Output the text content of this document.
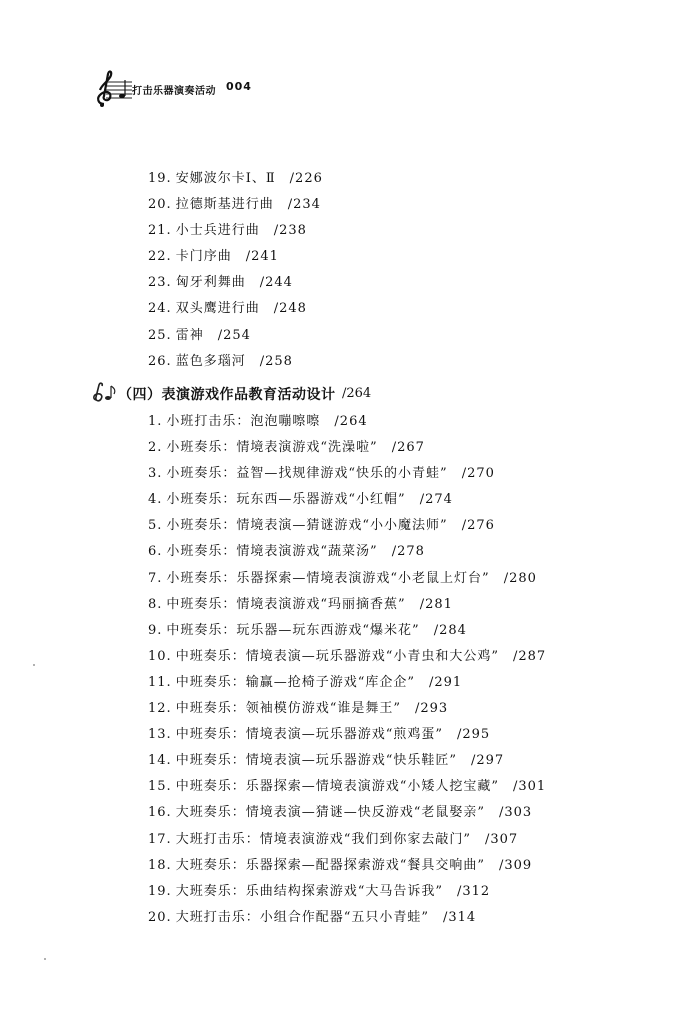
打击乐器演奏活动 004
19. 安娜波尔卡Ⅰ、Ⅱ /226
20. 拉德斯基进行曲 /234
21. 小士兵进行曲 /238
22. 卡门序曲 /241
23. 匈牙利舞曲 /244
24. 双头鹰进行曲 /248
25. 雷神 /254
26. 蓝色多瑙河 /258
（四）表演游戏作品教育活动设计 /264
1. 小班打击乐：泡泡嘣嚓嚓 /264
2. 小班奏乐：情境表演游戏“洗澡啦” /267
3. 小班奏乐：益智—找规律游戏“快乐的小青蛙” /270
4. 小班奏乐：玩东西—乐器游戏“小红帽” /274
5. 小班奏乐：情境表演—猜谜游戏“小小魔法师” /276
6. 小班奏乐：情境表演游戏“蔬菜汤” /278
7. 小班奏乐：乐器探索—情境表演游戏“小老鼠上灯台” /280
8. 中班奏乐：情境表演游戏“玛丽摘香蕉” /281
9. 中班奏乐：玩乐器—玩东西游戏“爆米花” /284
10. 中班奏乐：情境表演—玩乐器游戏“小青虫和大公鸡” /287
11. 中班奏乐：输赢—抢椅子游戏“库企企” /291
12. 中班奏乐：领袖模仿游戏“谁是舞王” /293
13. 中班奏乐：情境表演—玩乐器游戏“煎鸡蛋” /295
14. 中班奏乐：情境表演—玩乐器游戏“快乐鞋匠” /297
15. 中班奏乐：乐器探索—情境表演游戏“小矮人挖宝藏” /301
16. 大班奏乐：情境表演—猜谜—快反游戏“老鼠娶亲” /303
17. 大班打击乐：情境表演游戏“我们到你家去敲门” /307
18. 大班奏乐：乐器探索—配器探索游戏“餐具交响曲” /309
19. 大班奏乐：乐曲结构探索游戏“大马告诉我” /312
20. 大班打击乐：小组合作配器“五只小青蛙” /314
